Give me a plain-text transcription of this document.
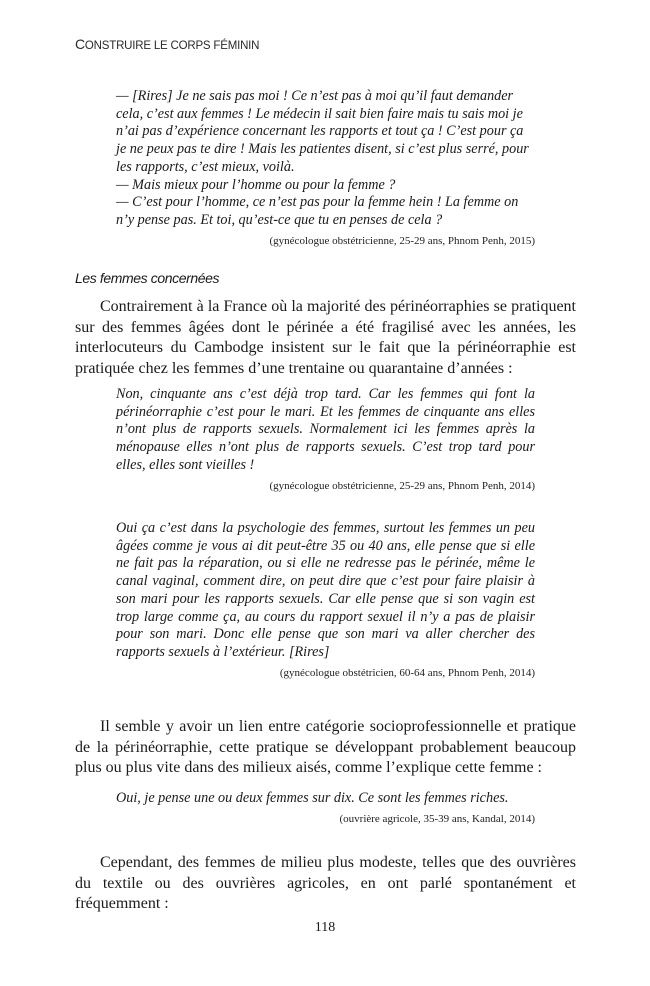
CONSTRUIRE LE CORPS FÉMININ

— [Rires] Je ne sais pas moi ! Ce n’est pas à moi qu’il faut demander

cela, c’est aux femmes ! Le médecin il sait bien faire mais tu sais moi je

n’ai pas d’expérience concernant les rapports et tout ça ! C’est pour ça

je ne peux pas te dire ! Mais les patientes disent, si c’est plus serré, pour

les rapports, c’est mieux, voilà.

— Mais mieux pour l’homme ou pour la femme ?

— C’est pour l’homme, ce n’est pas pour la femme hein ! La femme on

n’y pense pas. Et toi, qu’est-ce que tu en penses de cela ?

(gynécologue obstétricienne, 25-29 ans, Phnom Penh, 2015)
Les femmes concernées

Contrairement à la France où la majorité des périnéorraphies se pratiquent sur des femmes âgées dont le périnée a été fragilisé avec les années, les interlocuteurs du Cambodge insistent sur le fait que la périnéorraphie est pratiquée chez les femmes d’une trentaine ou quarantaine d’années :

Non, cinquante ans c’est déjà trop tard. Car les femmes qui font la périnéorraphie c’est pour le mari. Et les femmes de cinquante ans elles n’ont plus de rapports sexuels. Normalement ici les femmes après la ménopause elles n’ont plus de rapports sexuels. C’est trop tard pour elles, elles sont vieilles !

(gynécologue obstétricienne, 25-29 ans, Phnom Penh, 2014)

Oui ça c’est dans la psychologie des femmes, surtout les femmes un peu âgées comme je vous ai dit peut-être 35 ou 40 ans, elle pense que si elle ne fait pas la réparation, ou si elle ne redresse pas le périnée, même le canal vaginal, comment dire, on peut dire que c’est pour faire plaisir à son mari pour les rapports sexuels. Car elle pense que si son vagin est trop large comme ça, au cours du rapport sexuel il n’y a pas de plaisir pour son mari. Donc elle pense que son mari va aller chercher des rapports sexuels à l’extérieur. [Rires]

(gynécologue obstétricien, 60-64 ans, Phnom Penh, 2014)

Il semble y avoir un lien entre catégorie socioprofessionnelle et pratique de la périnéorraphie, cette pratique se développant probablement beaucoup plus ou plus vite dans des milieux aisés, comme l’explique cette femme :

Oui, je pense une ou deux femmes sur dix. Ce sont les femmes riches.

(ouvrière agricole, 35-39 ans, Kandal, 2014)

Cependant, des femmes de milieu plus modeste, telles que des ouvrières du textile ou des ouvrières agricoles, en ont parlé spontanément et fréquemment :

118
